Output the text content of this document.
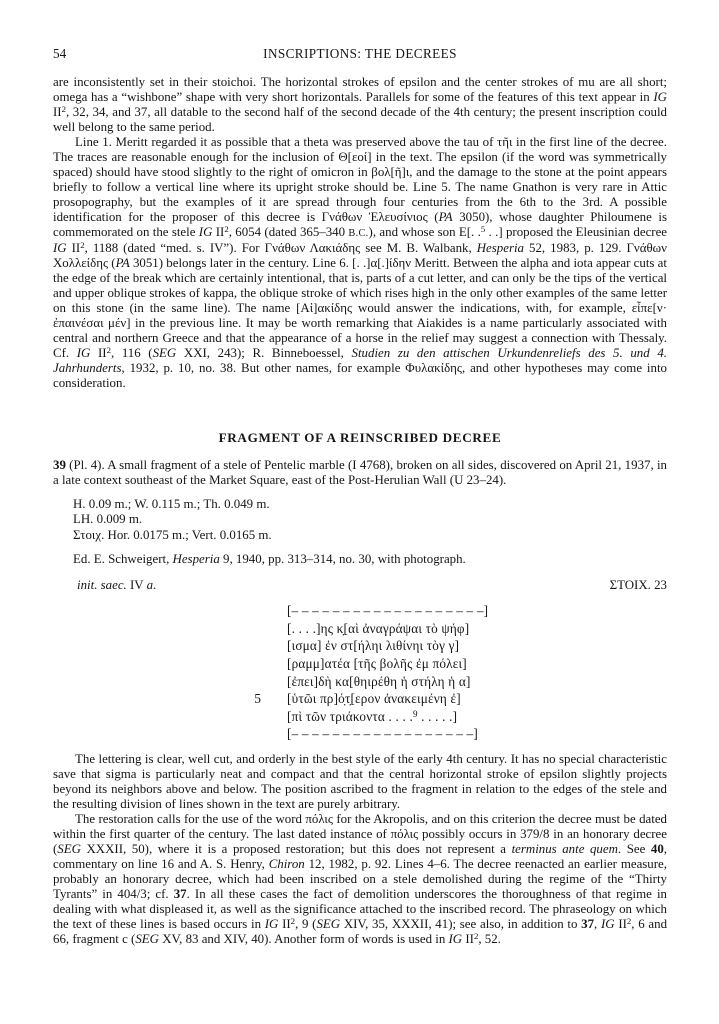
54	INSCRIPTIONS: THE DECREES

are inconsistently set in their stoichoi. The horizontal strokes of epsilon and the center strokes of mu are all short; omega has a “wishbone” shape with very short horizontals. Parallels for some of the features of this text appear in IG $II^2$, 32, 34, and 37, all datable to the second half of the second decade of the 4th century; the present inscription could well belong to the same period.

Line 1. Meritt regarded it as possible that a theta was preserved above the tau of τῆι in the first line of the decree. The traces are reasonable enough for the inclusion of Θ[εοί] in the text. The epsilon (if the word was symmetrically spaced) should have stood slightly to the right of omicron in βολ[ῆ]ι, and the damage to the stone at the point appears briefly to follow a vertical line where its upright stroke should be. Line 5. The name Gnathon is very rare in Attic prosopography, but the examples of it are spread through four centuries from the 6th to the 3rd. A possible identification for the proposer of this decree is Γνάθων Ἐλευσίνιος (PA 3050), whose daughter Philoumene is commemorated on the stele IG $II^2$, 6054 (dated 365–340 B.C.), and whose son Ε[. .$^5$ . .] proposed the Eleusinian decree IG $II^2$, 1188 (dated “med. s. IV”). For Γνάθων Λακιάδης see M. B. Walbank, Hesperia 52, 1983, p. 129. Γνάθων Χολλείδης (PA 3051) belongs later in the century. Line 6. [. .]α[.]ίδην Meritt. Between the alpha and iota appear cuts at the edge of the break which are certainly intentional, that is, parts of a cut letter, and can only be the tips of the vertical and upper oblique strokes of kappa, the oblique stroke of which rises high in the only other examples of the same letter on this stone (in the same line). The name [Αἰ]ακίδης would answer the indications, with, for example, εἶπε[ν· ἐπαινέσαι μέν] in the previous line. It may be worth remarking that Aiakides is a name particularly associated with central and northern Greece and that the appearance of a horse in the relief may suggest a connection with Thessaly. Cf. IG $II^2$, 116 (SEG XXI, 243); R. Binneboessel, Studien zu den attischen Urkundenreliefs des 5. und 4. Jahrhunderts, 1932, p. 10, no. 38. But other names, for example Φυλακίδης, and other hypotheses may come into consideration.

FRAGMENT OF A REINSCRIBED DECREE

39 (Pl. 4). A small fragment of a stele of Pentelic marble (I 4768), broken on all sides, discovered on April 21, 1937, in a late context southeast of the Market Square, east of the Post-Herulian Wall (U 23–24).

H. 0.09 m.; W. 0.115 m.; Th. 0.049 m.
LH. 0.009 m.
Στοιχ. Hor. 0.0175 m.; Vert. 0.0165 m.

Ed. E. Schweigert, Hesperia 9, 1940, pp. 313–314, no. 30, with photograph.

init. saec. IV a.	ΣΤΟΙΧ. 23
[– – – – – – – – – – – – – – – – – – –]
[. . . .]ης κ̣[αὶ ἀναγράψαι τὸ ψήφ]
[ισμα] ἐν στ[ήληι λιθίνηι τὸγ γ]
[ραμμ]ατέα [τῆς βολῆς ἐμ πόλει]
[ἐπει]δὴ κα[θηιρέθη ἡ στήλη ἡ α]
5	[ὑτῶι πρ]ό̣τ̣[ερον ἀνακειμένη ἐ]
[πὶ τῶν τριάκοντα . . . .$^9$ . . . . .]
[– – – – – – – – – – – – – – – – – –]

The lettering is clear, well cut, and orderly in the best style of the early 4th century. It has no special characteristic save that sigma is particularly neat and compact and that the central horizontal stroke of epsilon slightly projects beyond its neighbors above and below. The position ascribed to the fragment in relation to the edges of the stele and the resulting division of lines shown in the text are purely arbitrary.

The restoration calls for the use of the word πόλις for the Akropolis, and on this criterion the decree must be dated within the first quarter of the century. The last dated instance of πόλις possibly occurs in 379/8 in an honorary decree (SEG XXXII, 50), where it is a proposed restoration; but this does not represent a terminus ante quem. See 40, commentary on line 16 and A. S. Henry, Chiron 12, 1982, p. 92. Lines 4–6. The decree reenacted an earlier measure, probably an honorary decree, which had been inscribed on a stele demolished during the regime of the “Thirty Tyrants” in 404/3; cf. 37. In all these cases the fact of demolition underscores the thoroughness of that regime in dealing with what displeased it, as well as the significance attached to the inscribed record. The phraseology on which the text of these lines is based occurs in IG $II^2$, 9 (SEG XIV, 35, XXXII, 41); see also, in addition to 37, IG $II^2$, 6 and 66, fragment c (SEG XV, 83 and XIV, 40). Another form of words is used in IG $II^2$, 52.
